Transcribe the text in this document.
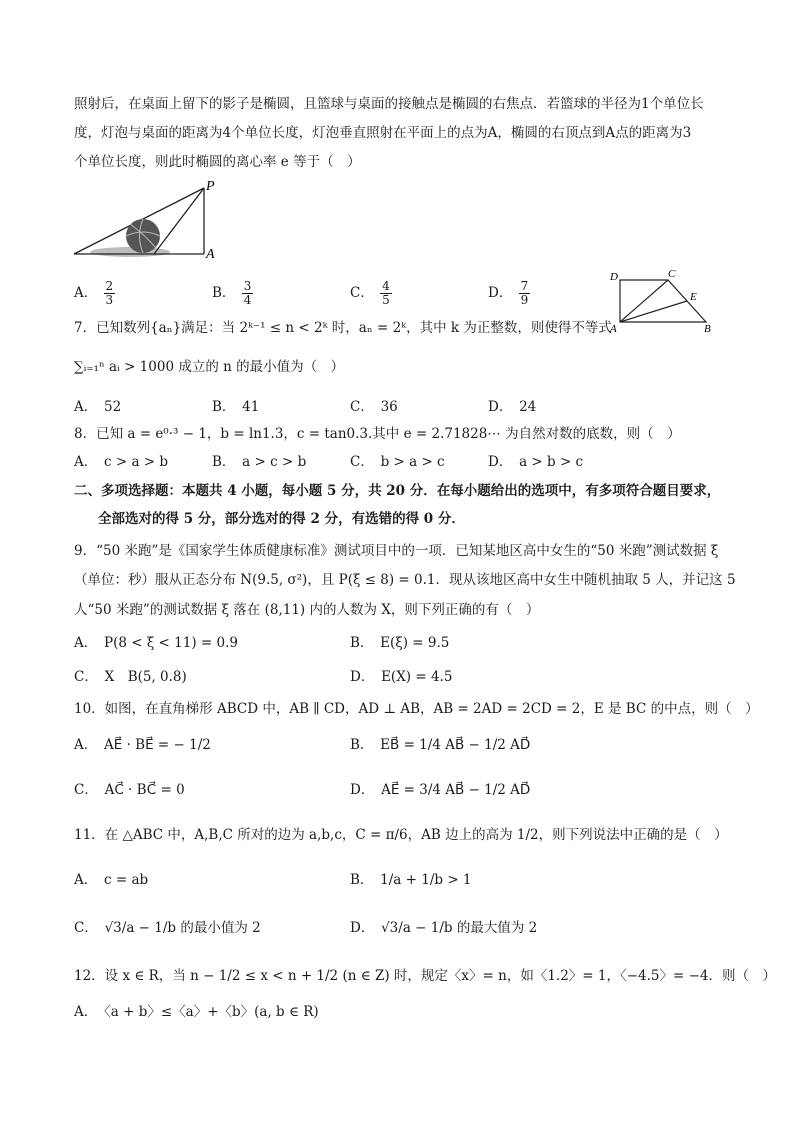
照射后，在桌面上留下的影子是椭圆，且篮球与桌面的接触点是椭圆的右焦点．若篮球的半径为1个单位长
度，灯泡与桌面的距离为4个单位长度，灯泡垂直照射在平面上的点为A，椭圆的右顶点到A点的距离为3
个单位长度，则此时椭圆的离心率 e 等于（　）
P
A
A． $\frac{2}{3}$	B． $\frac{3}{4}$	C． $\frac{4}{5}$	D． $\frac{7}{9}$
D	C
E
A	B
7．已知数列{aₙ}满足：当 2ᵏ⁻¹ ≤ n < 2ᵏ 时，aₙ = 2ᵏ，其中 k 为正整数，则使得不等式
∑ᵢ₌₁ⁿ aᵢ > 1000 成立的 n 的最小值为（　）
A．　52	B．　41	C．　36	D．　24
8．已知 a = e⁰·³ − 1，b = ln1.3，c = tan0.3.其中 e = 2.71828⋯ 为自然对数的底数，则（　）
A．　c > a > b	B．　a > c > b	C．　b > a > c	D．　a > b > c
二、多项选择题：本题共 4 小题，每小题 5 分，共 20 分．在每小题给出的选项中，有多项符合题目要求，
全部选对的得 5 分，部分选对的得 2 分，有选错的得 0 分．
9．“50 米跑”是《国家学生体质健康标准》测试项目中的一项．已知某地区高中女生的“50 米跑”测试数据 ξ
（单位：秒）服从正态分布 N(9.5, σ²)，且 P(ξ ≤ 8) = 0.1．现从该地区高中女生中随机抽取 5 人，并记这 5
人“50 米跑”的测试数据 ξ 落在 (8,11) 内的人数为 X，则下列正确的有（　）
A．　P(8 < ξ < 11) = 0.9	B．　E(ξ) = 9.5
C．　X　B(5, 0.8)	D．　E(X) = 4.5
10．如图，在直角梯形 ABCD 中，AB ∥ CD，AD ⊥ AB，AB = 2AD = 2CD = 2，E 是 BC 的中点，则（　）
A．　AE⃗ · BE⃗ = − 1/2	B．　EB⃗ = 1/4 AB⃗ − 1/2 AD⃗
C．　AC⃗ · BC⃗ = 0	D．　AE⃗ = 3/4 AB⃗ − 1/2 AD⃗
11．在 △ABC 中，A,B,C 所对的边为 a,b,c，C = π/6，AB 边上的高为 1/2，则下列说法中正确的是（　）
A．　c = ab	B．　1/a + 1/b > 1
C．　√3/a − 1/b 的最小值为 2	D．　√3/a − 1/b 的最大值为 2
12．设 x ∈ R，当 n − 1/2 ≤ x < n + 1/2 (n ∈ Z) 时，规定〈x〉= n，如〈1.2〉= 1，〈−4.5〉= −4．则（　）
A．　〈a + b〉≤〈a〉+〈b〉(a, b ∈ R)
